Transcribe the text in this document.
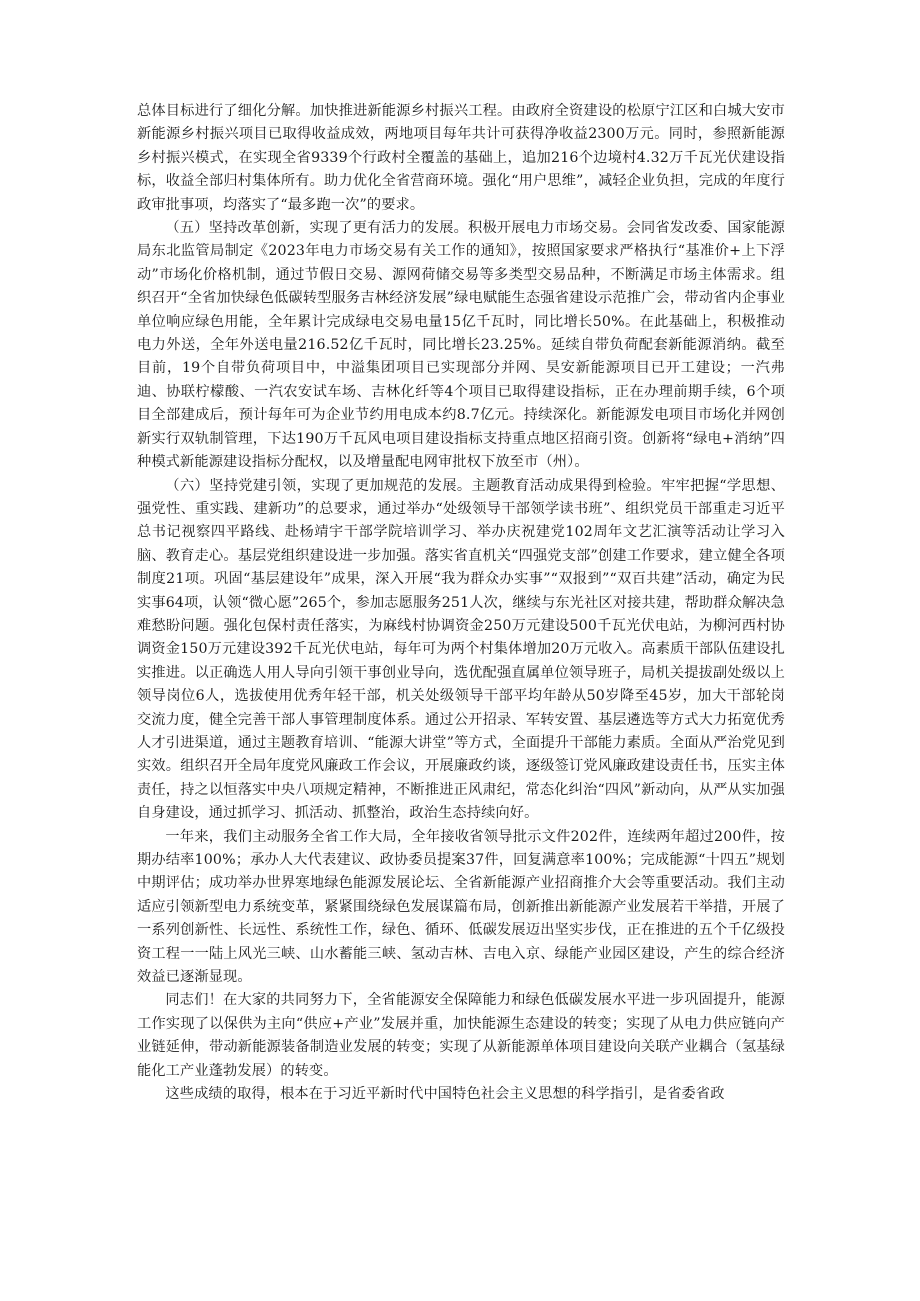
总体目标进行了细化分解。加快推进新能源乡村振兴工程。由政府全资建设的松原宁江区和白城大安市新能源乡村振兴项目已取得收益成效，两地项目每年共计可获得净收益2300万元。同时，参照新能源乡村振兴模式，在实现全省9339个行政村全覆盖的基础上，追加216个边境村4.32万千瓦光伏建设指标，收益全部归村集体所有。助力优化全省营商环境。强化“用户思维”，减轻企业负担，完成的年度行政审批事项，均落实了“最多跑一次”的要求。

（五）坚持改革创新，实现了更有活力的发展。积极开展电力市场交易。会同省发改委、国家能源局东北监管局制定《2023年电力市场交易有关工作的通知》，按照国家要求严格执行“基准价+上下浮动”市场化价格机制，通过节假日交易、源网荷储交易等多类型交易品种，不断满足市场主体需求。组织召开“全省加快绿色低碳转型服务吉林经济发展”绿电赋能生态强省建设示范推广会，带动省内企事业单位响应绿色用能，全年累计完成绿电交易电量15亿千瓦时，同比增长50%。在此基础上，积极推动电力外送，全年外送电量216.52亿千瓦时，同比增长23.25%。延续自带负荷配套新能源消纳。截至目前，19个自带负荷项目中，中溢集团项目已实现部分并网、昊安新能源项目已开工建设；一汽弗迪、协联柠檬酸、一汽农安试车场、吉林化纤等4个项目已取得建设指标，正在办理前期手续，6个项目全部建成后，预计每年可为企业节约用电成本约8.7亿元。持续深化。新能源发电项目市场化并网创新实行双轨制管理，下达190万千瓦风电项目建设指标支持重点地区招商引资。创新将“绿电+消纳”四种模式新能源建设指标分配权，以及增量配电网审批权下放至市（州）。

（六）坚持党建引领，实现了更加规范的发展。主题教育活动成果得到检验。牢牢把握“学思想、强党性、重实践、建新功”的总要求，通过举办“处级领导干部领学读书班”、组织党员干部重走习近平总书记视察四平路线、赴杨靖宇干部学院培训学习、举办庆祝建党102周年文艺汇演等活动让学习入脑、教育走心。基层党组织建设进一步加强。落实省直机关“四强党支部”创建工作要求，建立健全各项制度21项。巩固“基层建设年”成果，深入开展“我为群众办实事”“双报到”“双百共建”活动，确定为民实事64项，认领“微心愿”265个，参加志愿服务251人次，继续与东光社区对接共建，帮助群众解决急难愁盼问题。强化包保村责任落实，为麻线村协调资金250万元建设500千瓦光伏电站，为柳河西村协调资金150万元建设392千瓦光伏电站，每年可为两个村集体增加20万元收入。高素质干部队伍建设扎实推进。以正确选人用人导向引领干事创业导向，选优配强直属单位领导班子，局机关提拔副处级以上领导岗位6人，选拔使用优秀年轻干部，机关处级领导干部平均年龄从50岁降至45岁，加大干部轮岗交流力度，健全完善干部人事管理制度体系。通过公开招录、军转安置、基层遴选等方式大力拓宽优秀人才引进渠道，通过主题教育培训、“能源大讲堂”等方式，全面提升干部能力素质。全面从严治党见到实效。组织召开全局年度党风廉政工作会议，开展廉政约谈，逐级签订党风廉政建设责任书，压实主体责任，持之以恒落实中央八项规定精神，不断推进正风肃纪，常态化纠治“四风”新动向，从严从实加强自身建设，通过抓学习、抓活动、抓整治，政治生态持续向好。

一年来，我们主动服务全省工作大局，全年接收省领导批示文件202件，连续两年超过200件，按期办结率100%；承办人大代表建议、政协委员提案37件，回复满意率100%；完成能源“十四五”规划中期评估；成功举办世界寒地绿色能源发展论坛、全省新能源产业招商推介大会等重要活动。我们主动适应引领新型电力系统变革，紧紧围绕绿色发展谋篇布局，创新推出新能源产业发展若干举措，开展了一系列创新性、长远性、系统性工作，绿色、循环、低碳发展迈出坚实步伐，正在推进的五个千亿级投资工程一一陆上风光三峡、山水蓄能三峡、氢动吉林、吉电入京、绿能产业园区建设，产生的综合经济效益已逐渐显现。

同志们！在大家的共同努力下，全省能源安全保障能力和绿色低碳发展水平进一步巩固提升，能源工作实现了以保供为主向“供应+产业”发展并重，加快能源生态建设的转变；实现了从电力供应链向产业链延伸，带动新能源装备制造业发展的转变；实现了从新能源单体项目建设向关联产业耦合（氢基绿能化工产业蓬勃发展）的转变。

这些成绩的取得，根本在于习近平新时代中国特色社会主义思想的科学指引，是省委省政
